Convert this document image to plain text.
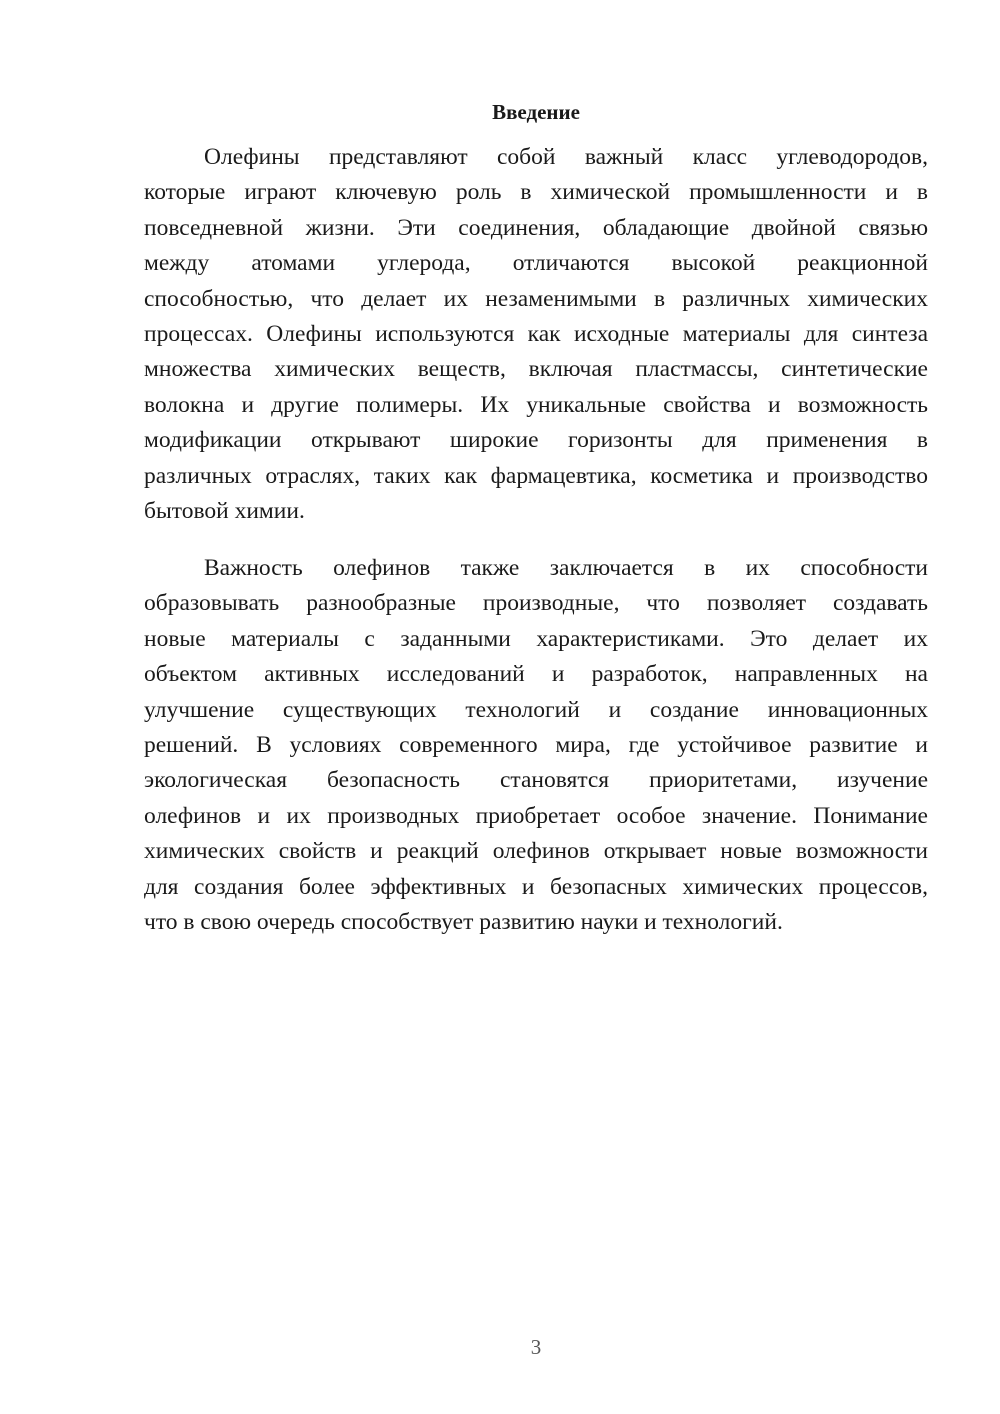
Введение
Олефины представляют собой важный класс углеводородов,
которые играют ключевую роль в химической промышленности и в
повседневной жизни. Эти соединения, обладающие двойной связью
между атомами углерода, отличаются высокой реакционной
способностью, что делает их незаменимыми в различных химических
процессах. Олефины используются как исходные материалы для синтеза
множества химических веществ, включая пластмассы, синтетические
волокна и другие полимеры. Их уникальные свойства и возможность
модификации открывают широкие горизонты для применения в
различных отраслях, таких как фармацевтика, косметика и производство
бытовой химии.
Важность олефинов также заключается в их способности
образовывать разнообразные производные, что позволяет создавать
новые материалы с заданными характеристиками. Это делает их
объектом активных исследований и разработок, направленных на
улучшение существующих технологий и создание инновационных
решений. В условиях современного мира, где устойчивое развитие и
экологическая безопасность становятся приоритетами, изучение
олефинов и их производных приобретает особое значение. Понимание
химических свойств и реакций олефинов открывает новые возможности
для создания более эффективных и безопасных химических процессов,
что в свою очередь способствует развитию науки и технологий.
3
